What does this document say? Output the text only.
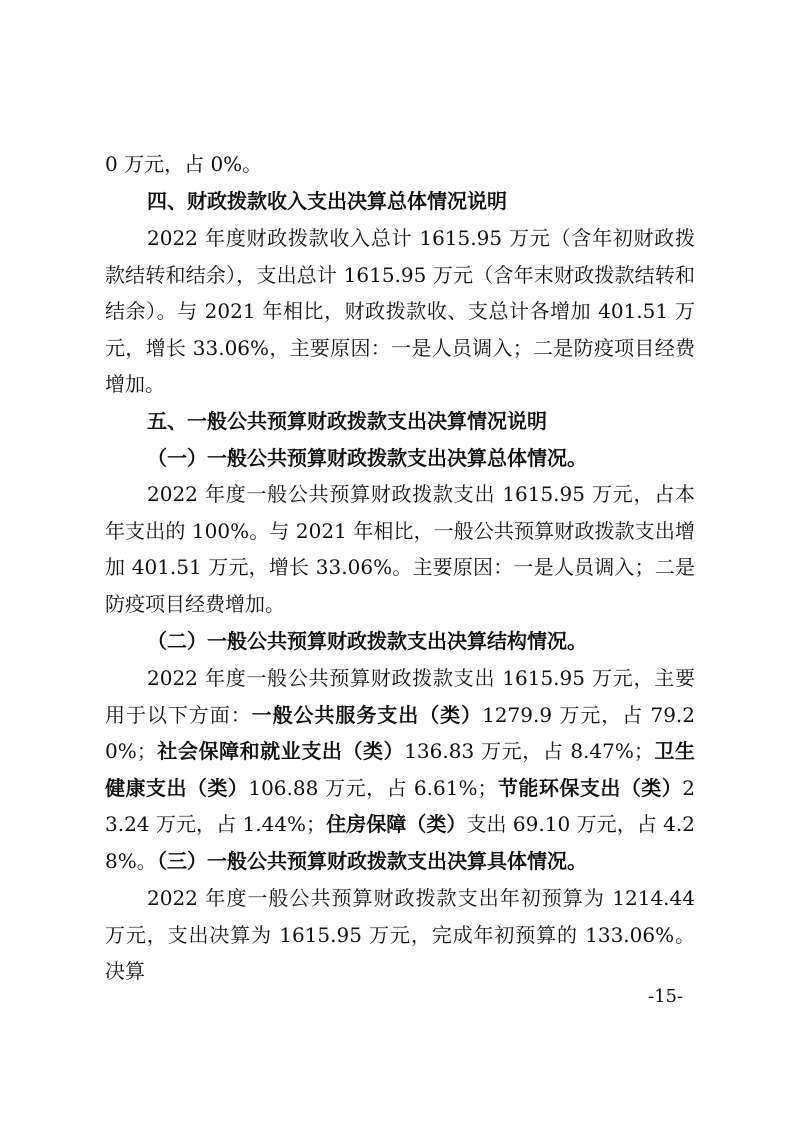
0 万元，占 0%。

四、财政拨款收入支出决算总体情况说明

2022 年度财政拨款收入总计 1615.95 万元（含年初财政拨款结转和结余），支出总计 1615.95 万元（含年末财政拨款结转和结余）。与 2021 年相比，财政拨款收、支总计各增加 401.51 万元，增长 33.06%，主要原因：一是人员调入；二是防疫项目经费增加。

五、一般公共预算财政拨款支出决算情况说明

（一）一般公共预算财政拨款支出决算总体情况。

2022 年度一般公共预算财政拨款支出 1615.95 万元，占本年支出的 100%。与 2021 年相比，一般公共预算财政拨款支出增加 401.51 万元，增长 33.06%。主要原因：一是人员调入；二是防疫项目经费增加。

（二）一般公共预算财政拨款支出决算结构情况。

2022 年度一般公共预算财政拨款支出 1615.95 万元，主要用于以下方面：一般公共服务支出（类）1279.9 万元，占 79.20%；社会保障和就业支出（类）136.83 万元，占 8.47%；卫生健康支出（类）106.88 万元，占 6.61%；节能环保支出（类）23.24 万元，占 1.44%；住房保障（类）支出 69.10 万元，占 4.28%。

（三）一般公共预算财政拨款支出决算具体情况。

2022 年度一般公共预算财政拨款支出年初预算为 1214.44 万元，支出决算为 1615.95 万元，完成年初预算的 133.06%。决算

-15-
